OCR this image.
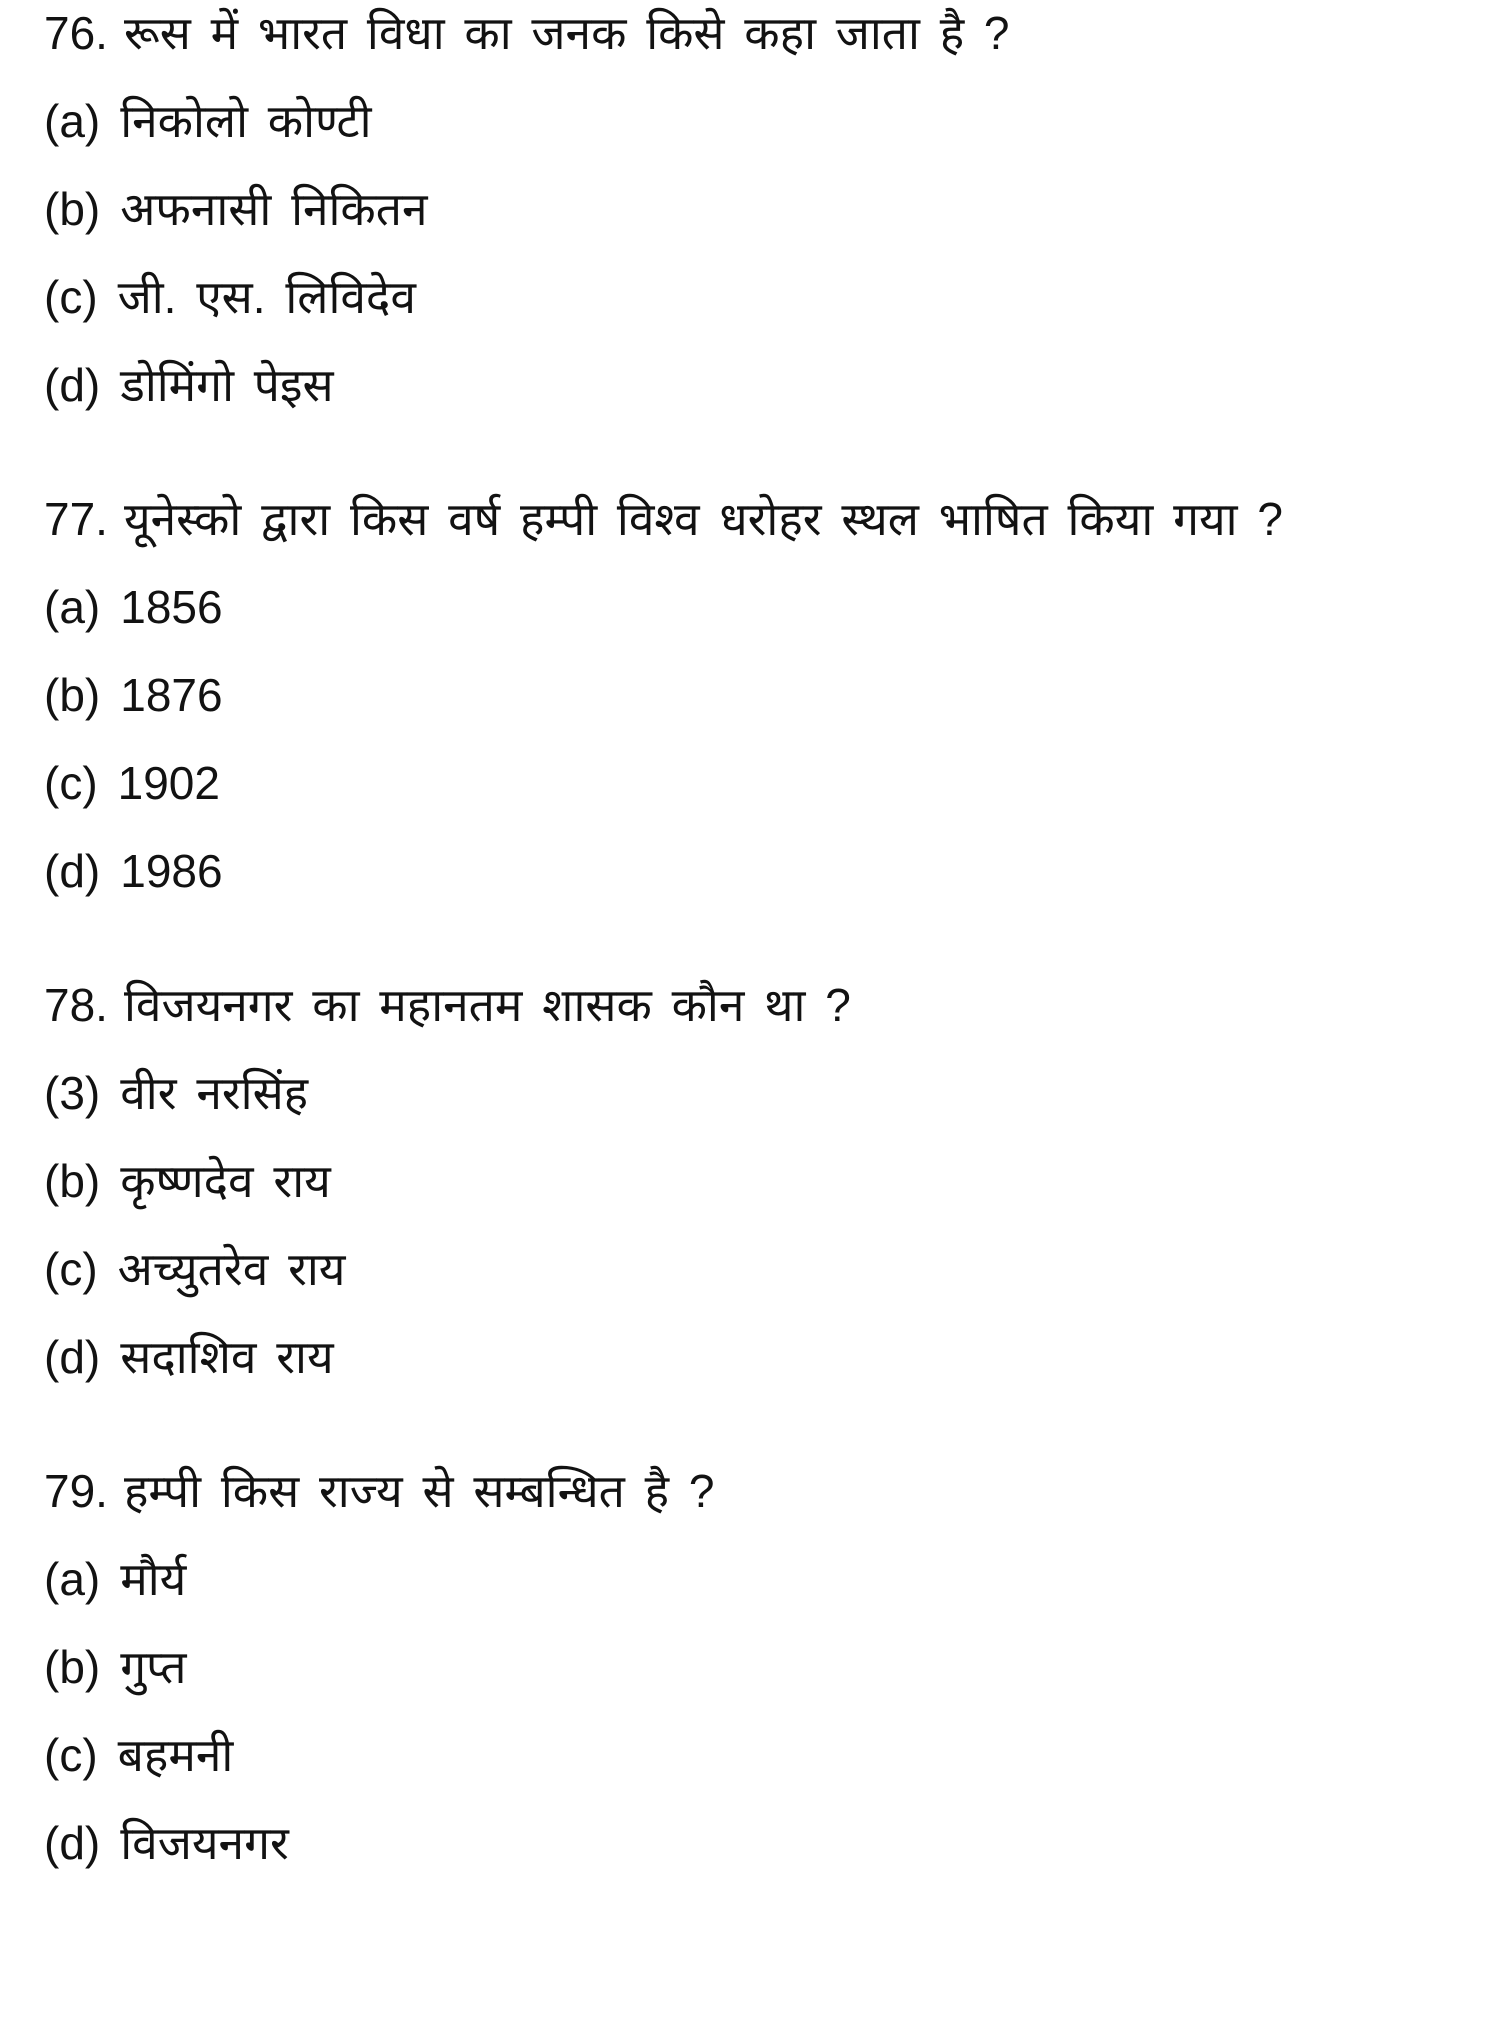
76. रूस में भारत विधा का जनक किसे कहा जाता है ?
(a) निकोलो कोण्टी
(b) अफनासी निकितन
(c) जी. एस. लिविदेव
(d) डोमिंगो पेइस
77. यूनेस्को द्वारा किस वर्ष हम्पी विश्व धरोहर स्थल भाषित किया गया ?
(a) 1856
(b) 1876
(c) 1902
(d) 1986
78. विजयनगर का महानतम शासक कौन था ?
(3) वीर नरसिंह
(b) कृष्णदेव राय
(c) अच्युतरेव राय
(d) सदाशिव राय
79. हम्पी किस राज्य से सम्बन्धित है ?
(a) मौर्य
(b) गुप्त
(c) बहमनी
(d) विजयनगर
